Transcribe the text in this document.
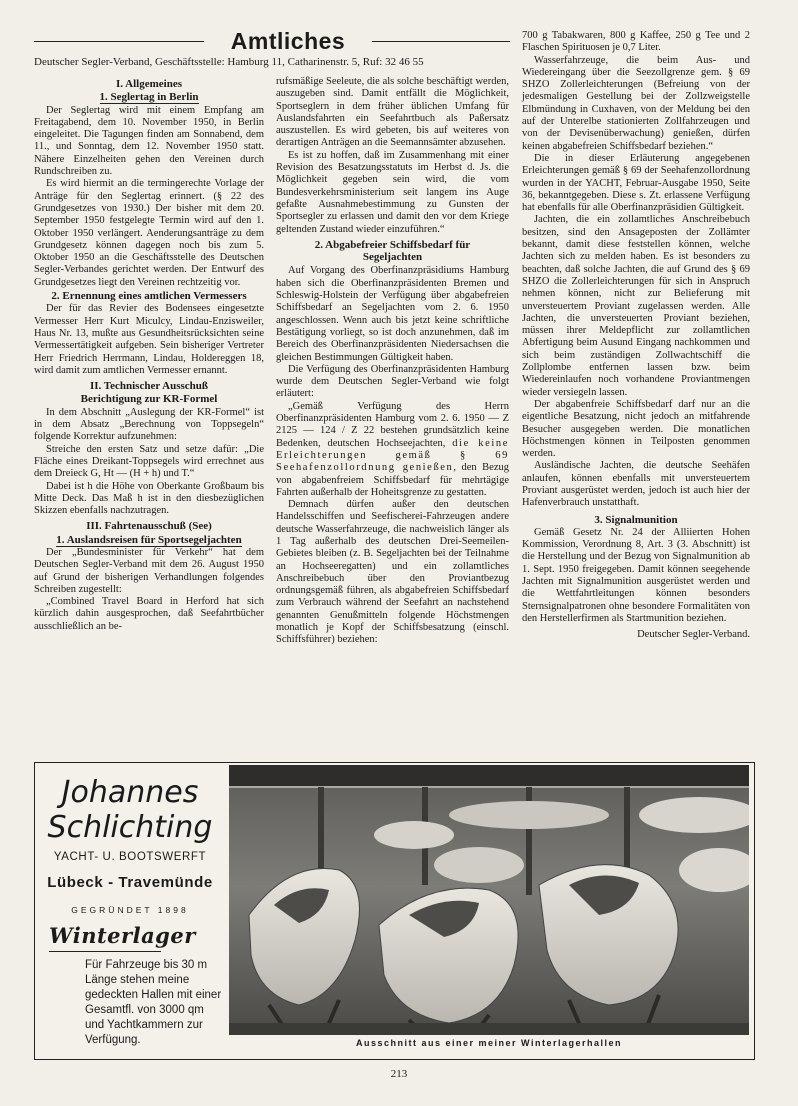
Amtliches
Deutscher Segler-Verband, Geschäftsstelle: Hamburg 11, Catharinenstr. 5, Ruf: 32 46 55
I. Allgemeines
1. Seglertag in Berlin

Der Seglertag wird mit einem Empfang am Freitagabend, dem 10. November 1950, in Berlin eingeleitet. Die Tagungen finden am Sonnabend, dem 11., und Sonntag, dem 12. November 1950 statt. Nähere Einzelheiten gehen den Vereinen durch Rundschreiben zu.

Es wird hiermit an die termingerechte Vorlage der Anträge für den Seglertag erinnert. (§ 22 des Grundgesetzes von 1930.) Der bisher mit dem 20. September 1950 festgelegte Termin wird auf den 1. Oktober 1950 verlängert. Aenderungsanträge zu dem Grundgesetz können dagegen noch bis zum 5. Oktober 1950 an die Geschäftsstelle des Deutschen Segler-Verbandes gerichtet werden. Der Entwurf des Grundgesetzes liegt den Vereinen rechtzeitig vor.

2. Ernennung eines amtlichen Vermessers

Der für das Revier des Bodensees eingesetzte Vermesser Herr Kurt Miculcy, Lindau-Enzisweiler, Haus Nr. 13, mußte aus Gesundheitsrücksichten seine Vermessertätigkeit aufgeben. Sein bisheriger Vertreter Herr Friedrich Herrmann, Lindau, Holdereggen 18, wird damit zum amtlichen Vermesser ernannt.

II. Technischer Ausschuß
Berichtigung zur KR-Formel

In dem Abschnitt „Auslegung der KR-Formel“ ist in dem Absatz „Berechnung von Toppsegeln“ folgende Korrektur aufzunehmen:

Streiche den ersten Satz und setze dafür: „Die Fläche eines Dreikant-Toppsegels wird errechnet aus dem Dreieck G, Ht — (H + h) und T.“

Dabei ist h die Höhe von Oberkante Großbaum bis Mitte Deck. Das Maß h ist in den diesbezüglichen Skizzen ebenfalls nachzutragen.

III. Fahrtenausschuß (See)
1. Auslandsreisen für Sportsegeljachten

Der „Bundesminister für Verkehr“ hat dem Deutschen Segler-Verband mit dem 26. August 1950 auf Grund der bisherigen Verhandlungen folgendes Schreiben zugestellt:

„Combined Travel Board in Herford hat sich kürzlich dahin ausgesprochen, daß Seefahrtbücher ausschließlich an be-

rufsmäßige Seeleute, die als solche beschäftigt werden, auszugeben sind. Damit entfällt die Möglichkeit, Sportseglern in dem früher üblichen Umfang für Auslandsfahrten ein Seefahrtbuch als Paßersatz auszustellen. Es wird gebeten, bis auf weiteres von derartigen Anträgen an die Seemannsämter abzusehen.

Es ist zu hoffen, daß im Zusammenhang mit einer Revision des Besatzungsstatuts im Herbst d. Js. die Möglichkeit gegeben sein wird, die vom Bundesverkehrsministerium seit langem ins Auge gefaßte Ausnahmebestimmung zu Gunsten der Sportsegler zu erlassen und damit den vor dem Kriege geltenden Zustand wieder einzuführen.“

2. Abgabefreier Schiffsbedarf für Segeljachten

Auf Vorgang des Oberfinanzpräsidiums Hamburg haben sich die Oberfinanzpräsidenten Bremen und Schleswig-Holstein der Verfügung über abgabefreien Schiffsbedarf an Segeljachten vom 2. 6. 1950 angeschlossen. Wenn auch bis jetzt keine schriftliche Bestätigung vorliegt, so ist doch anzunehmen, daß im Bereich des Oberfinanzpräsidenten Niedersachsen die gleichen Bestimmungen Gültigkeit haben.

Die Verfügung des Oberfinanzpräsidenten Hamburg wurde dem Deutschen Segler-Verband wie folgt erläutert:

„Gemäß Verfügung des Herrn Oberfinanzpräsidenten Hamburg vom 2. 6. 1950 — Z 2125 — 124 / Z 22 bestehen grundsätzlich keine Bedenken, deutschen Hochseejachten, die keine Erleichterungen gemäß § 69 Seehafenzollordnung genießen, den Bezug von abgabenfreiem Schiffsbedarf für mehrtägige Fahrten außerhalb der Hoheitsgrenze zu gestatten.

Demnach dürfen außer den deutschen Handelsschiffen und Seefischerei-Fahrzeugen andere deutsche Wasserfahrzeuge, die nachweislich länger als 1 Tag außerhalb des deutschen Drei-Seemeilen-Gebietes bleiben (z. B. Segeljachten bei der Teilnahme an Hochseeregatten) und ein zollamtliches Anschreibebuch über den Proviantbezug ordnungsgemäß führen, als abgabefreien Schiffsbedarf zum Verbrauch während der Seefahrt an nachstehend genannten Genußmitteln folgende Höchstmengen monatlich je Kopf der Schiffsbesatzung (einschl. Schiffsführer) beziehen:

700 g Tabakwaren, 800 g Kaffee, 250 g Tee und 2 Flaschen Spirituosen je 0,7 Liter.

Wasserfahrzeuge, die beim Aus- und Wiedereingang über die Seezollgrenze gem. § 69 SHZO Zollerleichterungen (Befreiung von der jedesmaligen Gestellung bei der Zollzweigstelle Elbmündung in Cuxhaven, von der Meldung bei den auf der Unterelbe stationierten Zollfahrzeugen und von der Devisenüberwachung) genießen, dürfen keinen abgabefreien Schiffsbedarf beziehen.“

Die in dieser Erläuterung angegebenen Erleichterungen gemäß § 69 der Seehafenzollordnung wurden in der YACHT, Februar-Ausgabe 1950, Seite 36, bekanntgegeben. Diese s. Zt. erlassene Verfügung hat ebenfalls für alle Oberfinanzpräsidien Gültigkeit.

Jachten, die ein zollamtliches Anschreibebuch besitzen, sind den Ansageposten der Zollämter bekannt, damit diese feststellen können, welche Jachten sich zu melden haben. Es ist besonders zu beachten, daß solche Jachten, die auf Grund des § 69 SHZO die Zollerleichterungen für sich in Anspruch nehmen können, nicht zur Belieferung mit unversteuertem Proviant zugelassen werden. Alle Jachten, die unversteuerten Proviant beziehen, müssen ihrer Meldepflicht zur zollamtlichen Abfertigung beim Ausund Eingang nachkommen und sich beim zuständigen Zollwachtschiff die Zollplombe entfernen lassen bzw. beim Wiedereinlaufen noch vorhandene Proviantmengen wieder versiegeln lassen.

Der abgabenfreie Schiffsbedarf darf nur an die eigentliche Besatzung, nicht jedoch an mitfahrende Besucher ausgegeben werden. Die monatlichen Höchstmengen können in Teilposten genommen werden.

Ausländische Jachten, die deutsche Seehäfen anlaufen, können ebenfalls mit unversteuertem Proviant ausgerüstet werden, jedoch ist auch hier der Hafenverbrauch unstatthaft.

3. Signalmunition

Gemäß Gesetz Nr. 24 der Alliierten Hohen Kommission, Verordnung 8, Art. 3 (3. Abschnitt) ist die Herstellung und der Bezug von Signalmunition ab 1. Sept. 1950 freigegeben. Damit können seegehende Jachten mit Signalmunition ausgerüstet werden und die Wettfahrtleitungen können besonders Sternsignalpatronen ohne besondere Formalitäten von den Herstellerfirmen als Startmunition beziehen.

Deutscher Segler-Verband.

Johannes
Schlichting
YACHT- U. BOOTSWERFT
Lübeck - Travemünde
GEGRÜNDET 1898
Winterlager
Für Fahrzeuge bis 30 m Länge stehen meine gedeckten Hallen mit einer Gesamtfl. von 3000 qm und Yachtkammern zur Verfügung.	Ausschnitt aus einer meiner Winterlagerhallen
213
